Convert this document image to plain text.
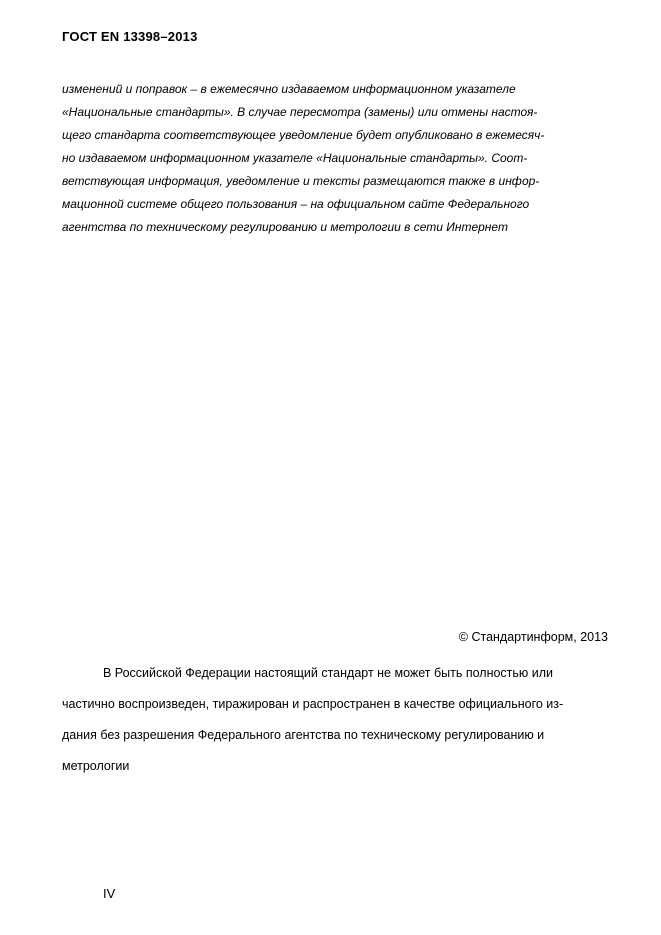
ГОСТ EN 13398–2013
изменений и поправок – в ежемесячно издаваемом информационном указателе
«Национальные стандарты». В случае пересмотра (замены) или отмены настоя-
щего стандарта соответствующее уведомление будет опубликовано в ежемесяч-
но издаваемом информационном указателе «Национальные стандарты». Соот-
ветствующая информация, уведомление и тексты размещаются также в инфор-
мационной системе общего пользования – на официальном сайте Федерального
агентства по техническому регулированию и метрологии в сети Интернет
© Стандартинформ, 2013
В Российской Федерации настоящий стандарт не может быть полностью или
частично воспроизведен, тиражирован и распространен в качестве официального из-
дания без разрешения Федерального агентства по техническому регулированию и
метрологии
IV
